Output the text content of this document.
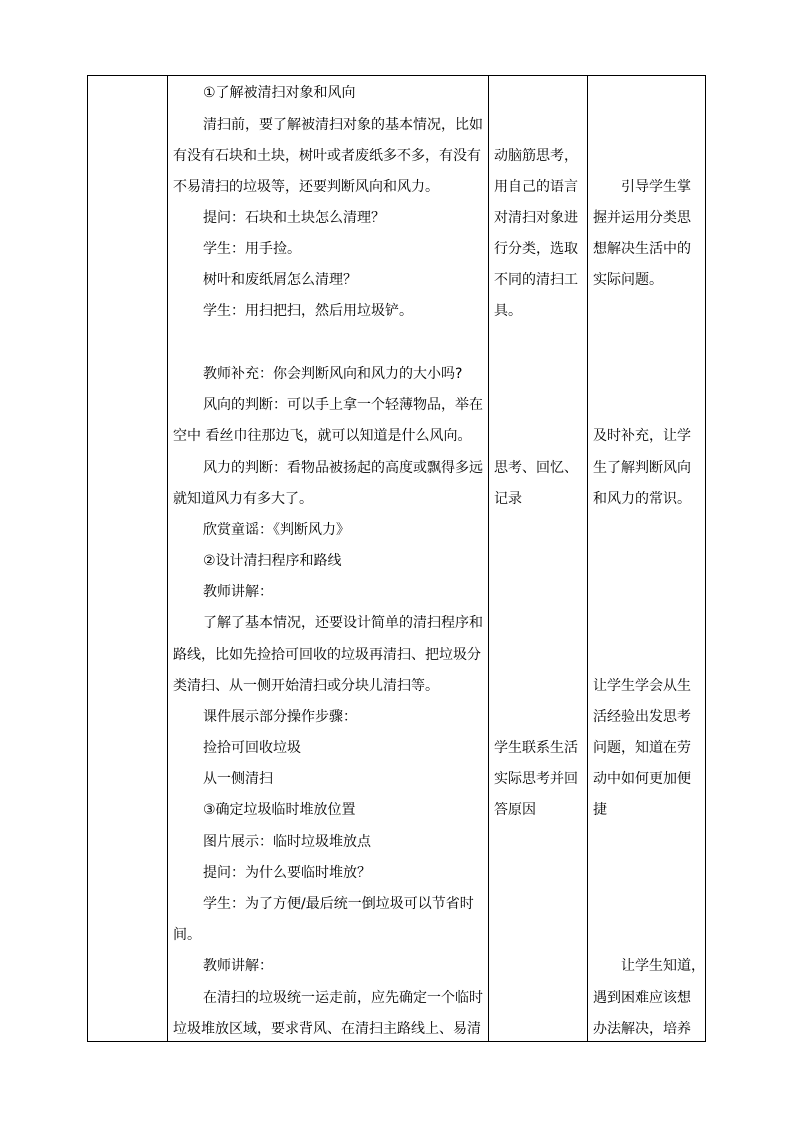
①了解被清扫对象和风向
清扫前，要了解被清扫对象的基本情况，比如
有没有石块和土块，树叶或者废纸多不多，有没有
不易清扫的垃圾等，还要判断风向和风力。
提问：石块和土块怎么清理？
学生：用手捡。
树叶和废纸屑怎么清理？
学生：用扫把扫，然后用垃圾铲。
教师补充：你会判断风向和风力的大小吗?
风向的判断：可以手上拿一个轻薄物品，举在
空中 看丝巾往那边飞，就可以知道是什么风向。
风力的判断：看物品被扬起的高度或飘得多远
就知道风力有多大了。
欣赏童谣：《判断风力》
②设计清扫程序和路线
教师讲解：
了解了基本情况，还要设计简单的清扫程序和
路线，比如先捡拾可回收的垃圾再清扫、把垃圾分
类清扫、从一侧开始清扫或分块儿清扫等。
课件展示部分操作步骤：
捡拾可回收垃圾
从一侧清扫
③确定垃圾临时堆放位置
图片展示：临时垃圾堆放点
提问：为什么要临时堆放？
学生：为了方便/最后统一倒垃圾可以节省时
间。
教师讲解：
在清扫的垃圾统一运走前，应先确定一个临时
垃圾堆放区域，要求背风、在清扫主路线上、易清
动脑筋思考，
用自己的语言
对清扫对象进
行分类，选取
不同的清扫工
具。
思考、回忆、
记录
学生联系生活
实际思考并回
答原因
引导学生掌
握并运用分类思
想解决生活中的
实际问题。
及时补充，让学
生了解判断风向
和风力的常识。
让学生学会从生
活经验出发思考
问题，知道在劳
动中如何更加便
捷
让学生知道，
遇到困难应该想
办法解决，培养
